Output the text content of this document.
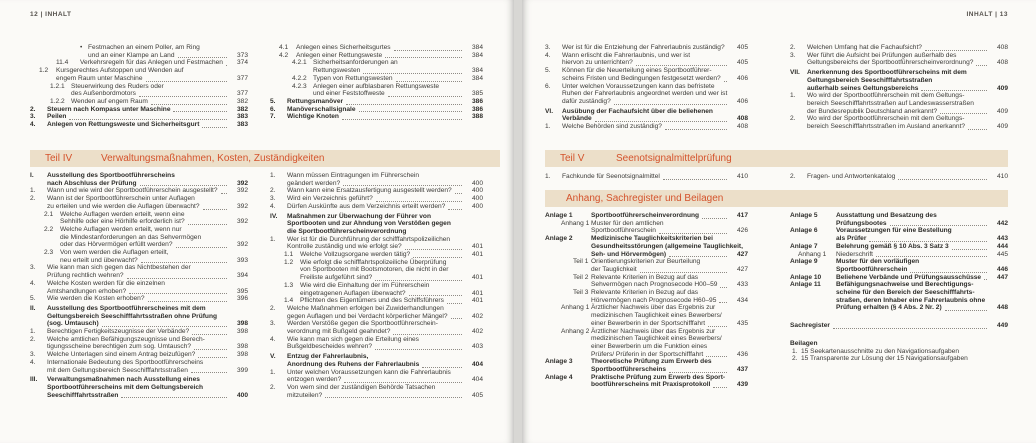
12 | INHALT
• Festmachen an einem Poller, am Ring
und an einer Klampe an Land	373
11.4	Verkehrsregeln für das Anlegen und Festmachen	374
1.2	Kursgerechtes Aufstoppen und Wenden auf
engem Raum unter Maschine	377
1.2.1 Steuerwirkung des Ruders oder
des Außenbordmotors	377
1.2.2 Wenden auf engem Raum	382
2.	Steuern nach Kompass unter Maschine	382
3.	Peilen	383
4.	Anlegen von Rettungsweste und Sicherheitsgurt	383
4.1	Anlegen eines Sicherheitsgurtes	384
4.2	Anlegen einer Rettungsweste	384
4.2.1 Sicherheitsanforderungen an
Rettungswesten	384
4.2.2 Typen von Rettungswesten	384
4.2.3 Anlegen einer aufblasbaren Rettungsweste
und einer Feststoffweste	385
5.	Rettungsmanöver	386
6.	Manöverschallsignale	386
7.	Wichtige Knoten	388
Teil IV	Verwaltungsmaßnahmen, Kosten, Zuständigkeiten
I.	Ausstellung des Sportbootführerscheins
nach Abschluss der Prüfung	392
1.	Wann und wie wird der Sportbootführerschein ausgestellt?	392
2.	Wann ist der Sportbootführerschein unter Auflagen
zu erteilen und wie werden die Auflagen überwacht?	392
2.1	Welche Auflagen werden erteilt, wenn eine
Sehhilfe oder eine Hörhilfe erforderlich ist?	392
2.2	Welche Auflagen werden erteilt, wenn nur
die Mindestanforderungen an das Sehvermögen
oder das Hörvermögen erfüllt werden?	392
2.3	Von wem werden die Auflagen erteilt,
neu erteilt und überwacht?	393
3.	Wie kann man sich gegen das Nichtbestehen der
Prüfung rechtlich wehren?	394
4.	Welche Kosten werden für die einzelnen
Amtshandlungen erhoben?	395
5.	Wie werden die Kosten erhoben?	396
II.	Ausstellung des Sportbootführerscheines mit dem
Geltungsbereich Seeschifffahrtsstraßen ohne Prüfung
(sog. Umtausch)	398
1.	Berechtigen Fertigkeitszeugnisse der Verbände?	398
2.	Welche amtlichen Befähigungszeugnisse und Berech-
tigungsscheine berechtigen zum sog. Umtausch?	398
3.	Welche Unterlagen sind einem Antrag beizufügen?	398
4.	Internationale Bedeutung des Sportbootführerscheins
mit dem Geltungsbereich Seeschifffahrtsstraßen	399
III.	Verwaltungsmaßnahmen nach Ausstellung eines
Sportbootführerscheins mit dem Geltungsbereich
Seeschifffahrtsstraßen	400
1.	Wann müssen Eintragungen im Führerschein
geändert werden?	400
2.	Wann kann eine Ersatzausfertigung ausgestellt werden?	400
3.	Wird ein Verzeichnis geführt?	400
4.	Dürfen Auskünfte aus dem Verzeichnis erteilt werden?	400
IV.	Maßnahmen zur Überwachung der Führer von
Sportbooten und zur Ahndung von Verstößen gegen
die Sportbootführerscheinverordnung
1.	Wer ist für die Durchführung der schifffahrtspolizeilichen
Kontrolle zuständig und wie erfolgt sie?	401
1.1	Welche Vollzugsorgane werden tätig?	401
1.2	Wie erfolgt die schifffahrtspolizeiliche Überprüfung
von Sportbooten mit Bootsmotoren, die nicht in der
Freiliste aufgeführt sind?	401
1.3	Wie wird die Einhaltung der im Führerschein
eingetragenen Auflagen überwacht?	401
1.4	Pflichten des Eigentümers und des Schiffsführers	401
2.	Welche Maßnahmen erfolgen bei Zuwiderhandlungen
gegen Auflagen und bei Verdacht körperlicher Mängel?	402
3.	Werden Verstöße gegen die Sportbootführerschein-
verordnung mit Bußgeld geahndet?	402
4.	Wie kann man sich gegen die Erteilung eines
Bußgeldbescheides wehren?	403
V.	Entzug der Fahrerlaubnis,
Anordnung des Ruhens der Fahrerlaubnis	404
1.	Unter welchen Voraussetzungen kann die Fahrerlaubnis
entzogen werden?	404
2.	Von wem sind der zuständigen Behörde Tatsachen
mitzuteilen?	405
INHALT | 13
3.	Wer ist für die Entziehung der Fahrerlaubnis zuständig?	405
4.	Wann erlischt die Fahrerlaubnis, und wer ist
hiervon zu unterrichten?	405
5.	Können für die Neuerteilung eines Sportbootführer-
scheins Fristen und Bedingungen festgesetzt werden?	406
6.	Unter welchen Voraussetzungen kann das befristete
Ruhen der Fahrerlaubnis angeordnet werden und wer ist
dafür zuständig?	406
VI.	Ausübung der Fachaufsicht über die beliehenen
Verbände	408
1.	Welche Behörden sind zuständig?	408
2.	Welchen Umfang hat die Fachaufsicht?	408
3.	Wer führt die Aufsicht bei Prüfungen außerhalb des
Geltungsbereichs der Sportbootführerscheinverordnung?	408
VII.	Anerkennung des Sportbootführerscheins mit dem
Geltungsbereich Seeschifffahrtsstraßen
außerhalb seines Geltungsbereichs	409
1.	Wo wird der Sportbootführerschein mit dem Geltungs-
bereich Seeschifffahrtsstraßen auf Landeswasserstraßen
der Bundesrepublik Deutschland anerkannt?	409
2.	Wo wird der Sportbootführerschein mit dem Geltungs-
bereich Seeschifffahrtsstraßen im Ausland anerkannt?	409
Teil V	Seenotsignalmittelprüfung
1.	Fachkunde für Seenotsignalmittel	410	2.	Fragen- und Antwortenkatalog	410
Anhang, Sachregister und Beilagen
Anlage 1	Sportbootführerscheinverordnung	417
Anhang 1 Muster für den amtlichen
Sportbootführerschein	426
Anlage 2	Medizinische Tauglichkeitskriterien bei
Gesundheitsstörungen (allgemeine Tauglichkeit,
Seh- und Hörvermögen)	427
Teil 1 Orientierungskriterien zur Beurteilung
der Tauglichkeit	427
Teil 2 Relevante Kriterien in Bezug auf das
Sehvermögen nach Prognosecode H00–59	433
Teil 3 Relevante Kriterien in Bezug auf das
Hörvermögen nach Prognosecode H60–95	434
Anhang 1 Ärztlicher Nachweis über das Ergebnis zur
medizinischen Tauglichkeit eines Bewerbers/
einer Bewerberin in der Sportschifffahrt	435
Anhang 2 Ärztlicher Nachweis über das Ergebnis zur
medizinischen Tauglichkeit eines Bewerbers/
einer Bewerberin um die Funktion eines
Prüfers/ Prüferin in der Sportschifffahrt	436
Anlage 3	Theoretische Prüfung zum Erwerb des
Sportbootführerscheins	437
Anlage 4	Praktische Prüfung zum Erwerb des Sport-
bootführerscheins mit Praxisprotokoll	439
Anlage 5	Ausstattung und Besatzung des
Prüfungsbootes	442
Anlage 6	Voraussetzungen für eine Bestellung
als Prüfer	443
Anlage 7	Belehrung gemäß § 10 Abs. 3 Satz 3	444
Anhang 1	Niederschrift	445
Anlage 9	Muster für den vorläufigen
Sportbootführerschein	446
Anlage 10	Beliehene Verbände und Prüfungsausschüsse	447
Anlage 11	Befähigungsnachweise und Berechtigungs-
scheine für den Bereich der Seeschifffahrts-
straßen, deren Inhaber eine Fahrerlaubnis ohne
Prüfung erhalten (§ 4 Abs. 2 Nr. 2)	448
Sachregister	449
Beilagen
1. 15 Seekartenausschnitte zu den Navigationsaufgaben
2. 15 Transparente zur Lösung der 15 Navigationsaufgaben
